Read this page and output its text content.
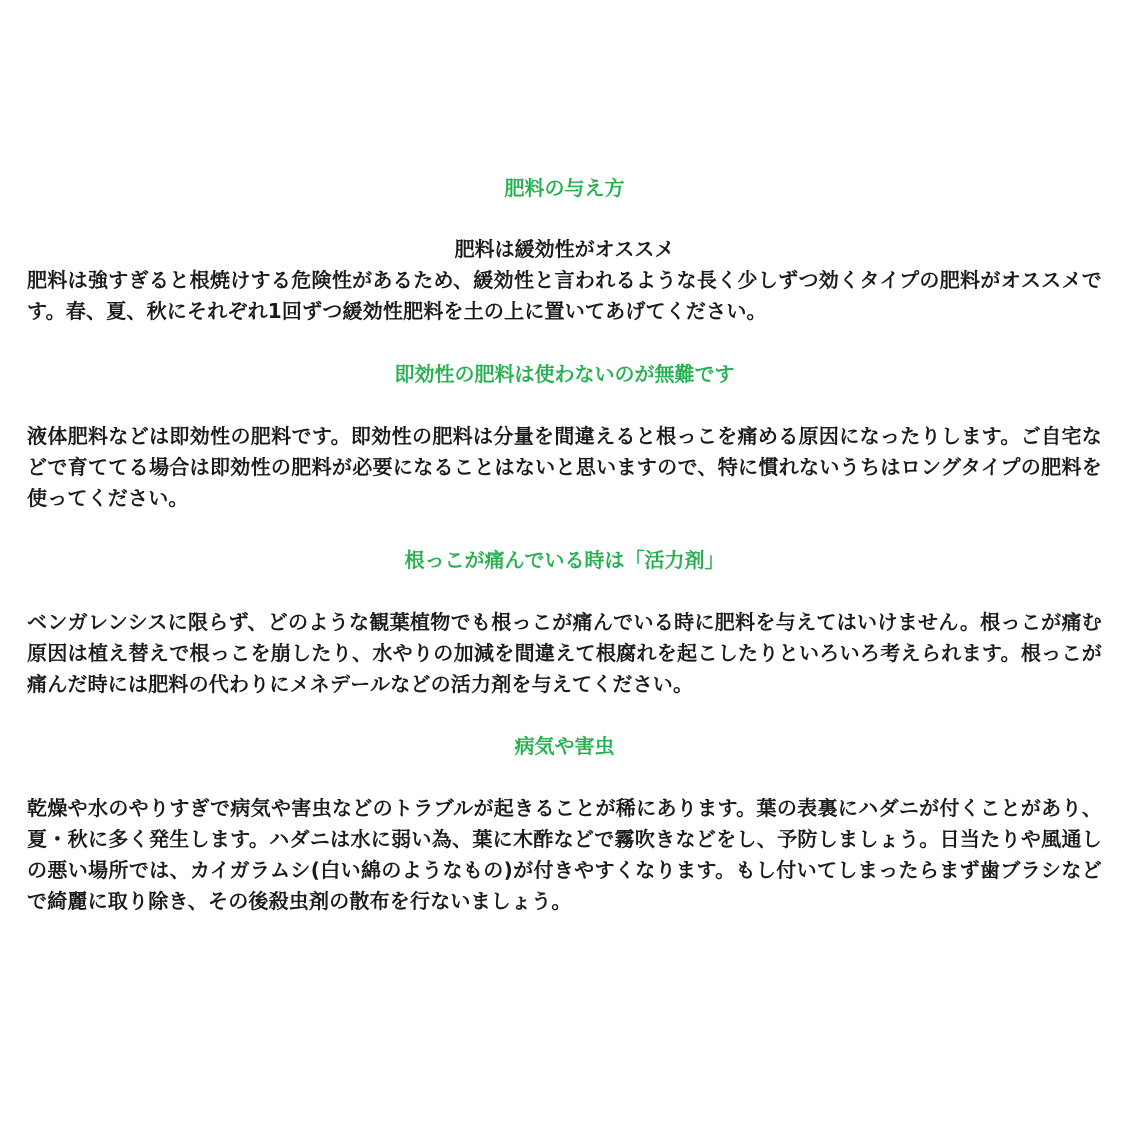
肥料の与え方
肥料は緩効性がオススメ
肥料は強すぎると根焼けする危険性があるため、緩効性と言われるような長く少しずつ効くタイプの肥料がオススメです。春、夏、秋にそれぞれ1回ずつ緩効性肥料を土の上に置いてあげてください。
即効性の肥料は使わないのが無難です
液体肥料などは即効性の肥料です。即効性の肥料は分量を間違えると根っこを痛める原因になったりします。ご自宅などで育ててる場合は即効性の肥料が必要になることはないと思いますので、特に慣れないうちはロングタイプの肥料を使ってください。
根っこが痛んでいる時は「活力剤」
ベンガレンシスに限らず、どのような観葉植物でも根っこが痛んでいる時に肥料を与えてはいけません。根っこが痛む原因は植え替えで根っこを崩したり、水やりの加減を間違えて根腐れを起こしたりといろいろ考えられます。根っこが痛んだ時には肥料の代わりにメネデールなどの活力剤を与えてください。
病気や害虫
乾燥や水のやりすぎで病気や害虫などのトラブルが起きることが稀にあります。葉の表裏にハダニが付くことがあり、夏・秋に多く発生します。ハダニは水に弱い為、葉に木酢などで霧吹きなどをし、予防しましょう。日当たりや風通しの悪い場所では、カイガラムシ(白い綿のようなもの)が付きやすくなります。もし付いてしまったらまず歯ブラシなどで綺麗に取り除き、その後殺虫剤の散布を行ないましょう。
